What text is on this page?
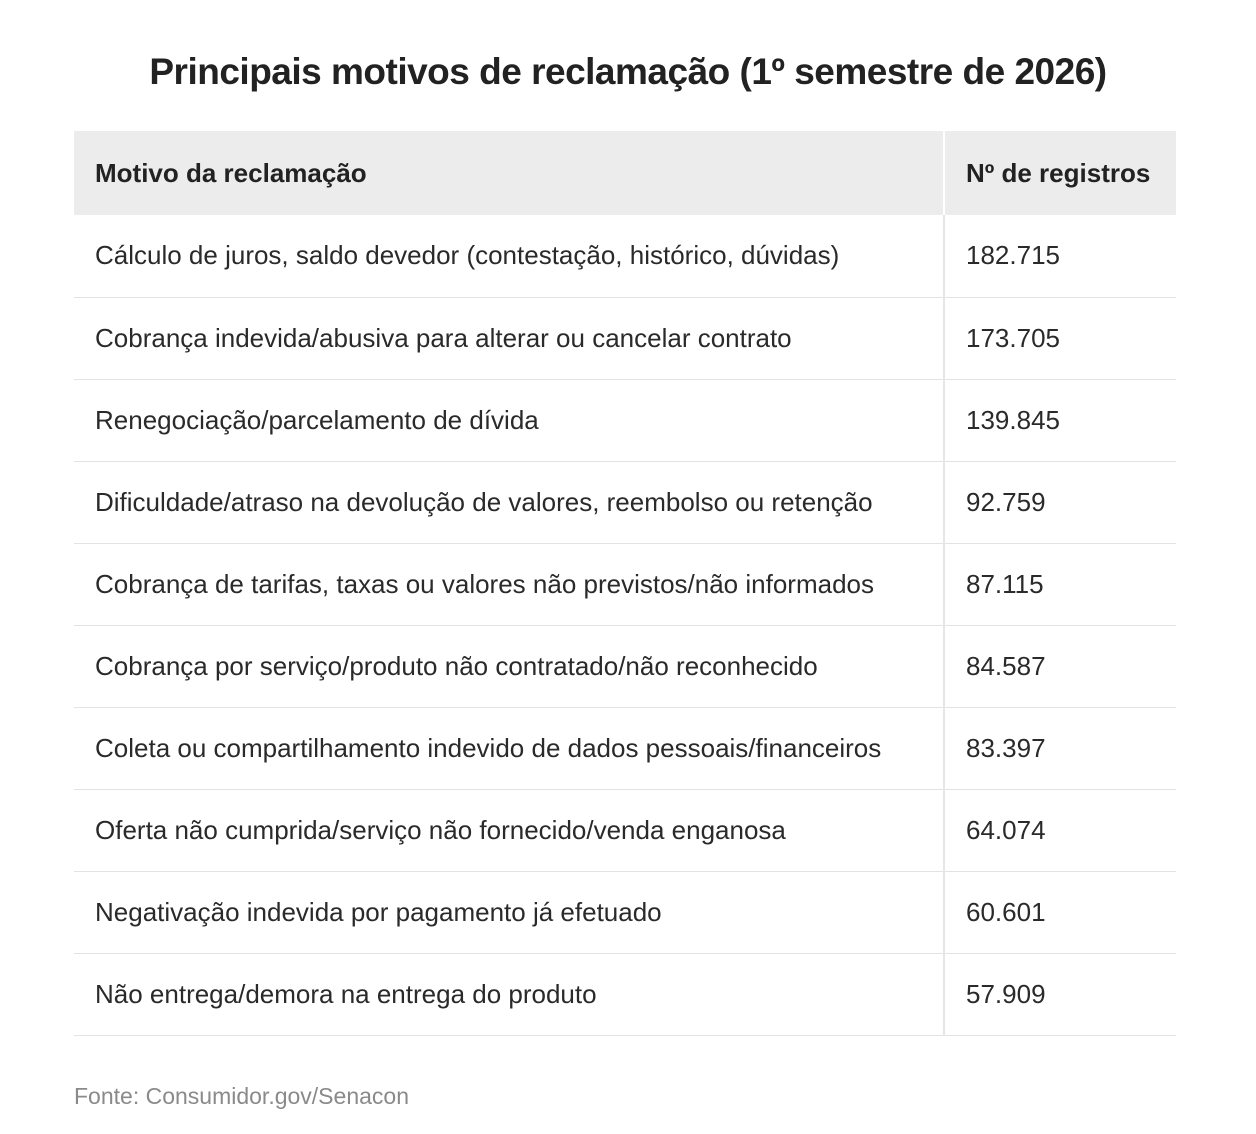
Principais motivos de reclamação (1º semestre de 2026)
Motivo da reclamação	Nº de registros
Cálculo de juros, saldo devedor (contestação, histórico, dúvidas)	182.715
Cobrança indevida/abusiva para alterar ou cancelar contrato	173.705
Renegociação/parcelamento de dívida	139.845
Dificuldade/atraso na devolução de valores, reembolso ou retenção	92.759
Cobrança de tarifas, taxas ou valores não previstos/não informados	87.115
Cobrança por serviço/produto não contratado/não reconhecido	84.587
Coleta ou compartilhamento indevido de dados pessoais/financeiros	83.397
Oferta não cumprida/serviço não fornecido/venda enganosa	64.074
Negativação indevida por pagamento já efetuado	60.601
Não entrega/demora na entrega do produto	57.909
Fonte: Consumidor.gov/Senacon
